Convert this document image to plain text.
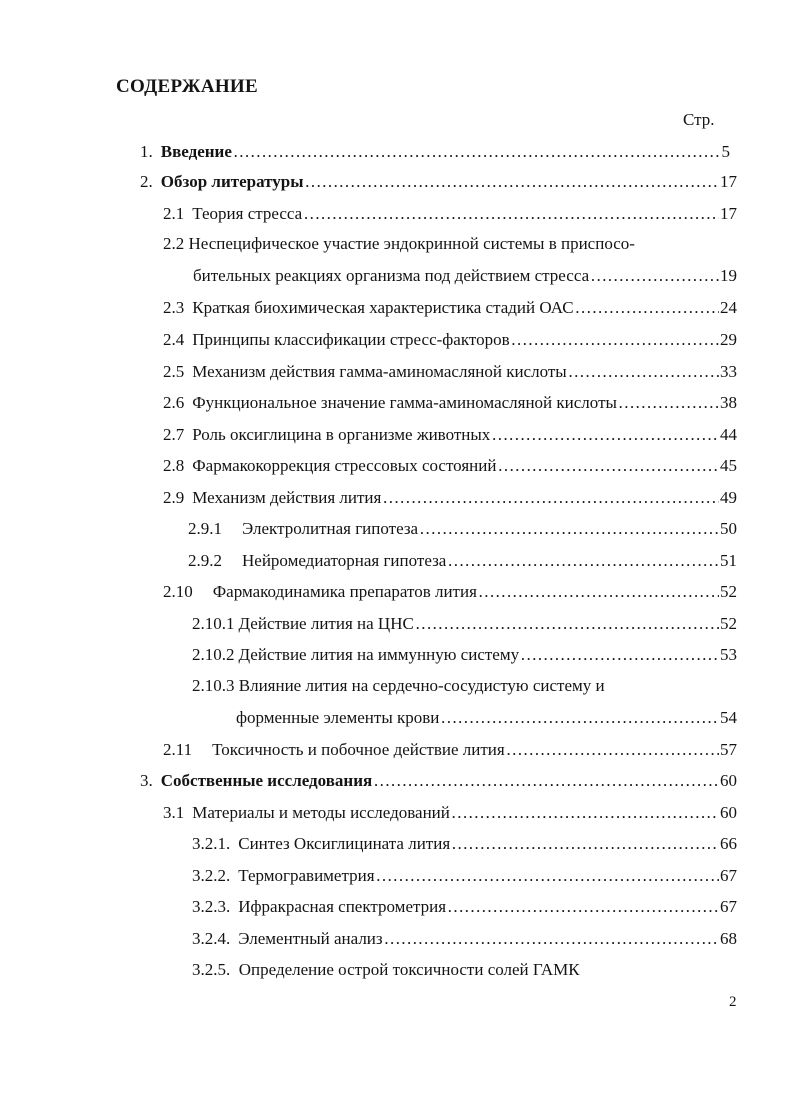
СОДЕРЖАНИЕ
Стр.
1. Введение ………………………………………………………………………………………………………………………………………………………………	5
2. Обзор литературы ………………………………………………………………………………………………………………………………………………………………	17
2.1 Теория стресса ………………………………………………………………………………………………………………………………………………………………	17
2.2 Неспецифическое участие эндокринной системы в приспосо-
бительных реакциях организма под действием стресса ………………………………………………………………………………………………………………………………………………………………	19
2.3 Краткая биохимическая характеристика стадий ОАС ………………………………………………………………………………………………………………………………………………………………	24
2.4 Принципы классификации стресс-факторов ………………………………………………………………………………………………………………………………………………………………	29
2.5 Механизм действия гамма-аминомасляной кислоты ………………………………………………………………………………………………………………………………………………………………	33
2.6 Функциональное значение гамма-аминомасляной кислоты ………………………………………………………………………………………………………………………………………………………………	38
2.7 Роль оксиглицина в организме животных ………………………………………………………………………………………………………………………………………………………………	44
2.8 Фармакокоррекция стрессовых состояний ………………………………………………………………………………………………………………………………………………………………	45
2.9 Механизм действия лития ………………………………………………………………………………………………………………………………………………………………	49
2.9.1 Электролитная гипотеза ………………………………………………………………………………………………………………………………………………………………	50
2.9.2 Нейромедиаторная гипотеза ………………………………………………………………………………………………………………………………………………………………	51
2.10 Фармакодинамика препаратов лития ………………………………………………………………………………………………………………………………………………………………	52
2.10.1 Действие лития на ЦНС ………………………………………………………………………………………………………………………………………………………………	52
2.10.2 Действие лития на иммунную систему ………………………………………………………………………………………………………………………………………………………………	53
2.10.3 Влияние лития на сердечно-сосудистую систему и
форменные элементы крови ………………………………………………………………………………………………………………………………………………………………	54
2.11 Токсичность и побочное действие лития ………………………………………………………………………………………………………………………………………………………………	57
3. Собственные исследования ………………………………………………………………………………………………………………………………………………………………	60
3.1 Материалы и методы исследований ………………………………………………………………………………………………………………………………………………………………	60
3.2.1. Синтез Оксиглицината лития ………………………………………………………………………………………………………………………………………………………………	66
3.2.2. Термогравиметрия ………………………………………………………………………………………………………………………………………………………………	67
3.2.3. Ифракрасная спектрометрия ………………………………………………………………………………………………………………………………………………………………	67
3.2.4. Элементный анализ ………………………………………………………………………………………………………………………………………………………………	68
3.2.5. Определение острой токсичности солей ГАМК
2
